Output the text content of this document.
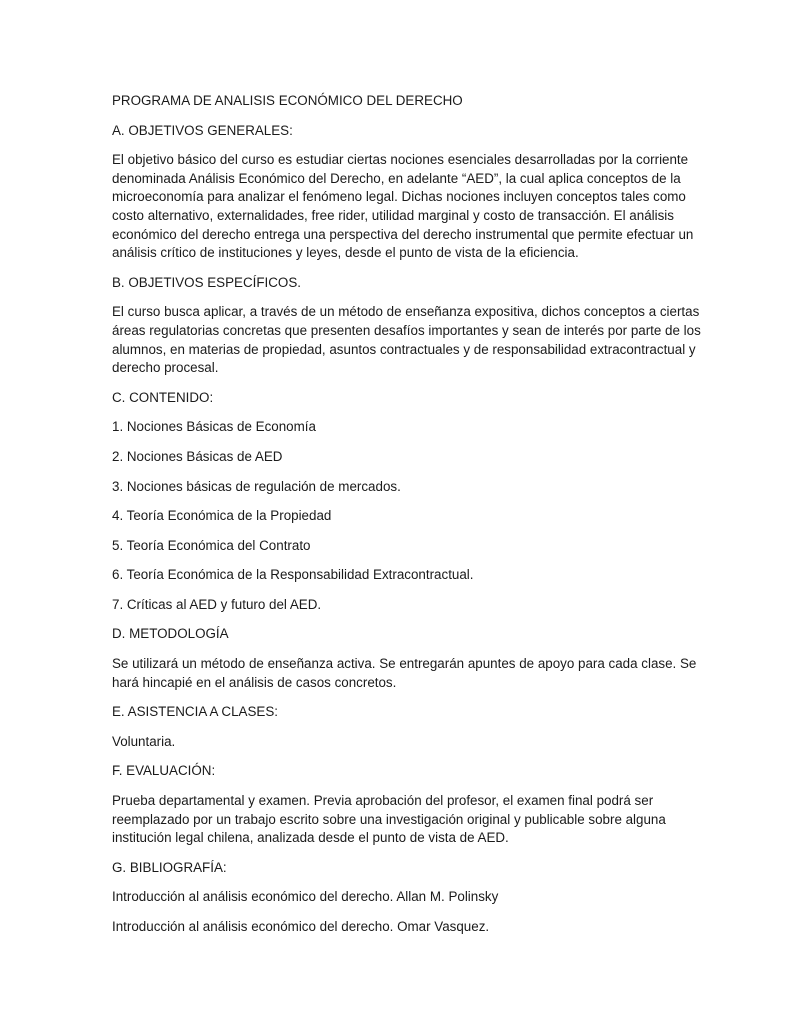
PROGRAMA DE ANALISIS ECONÓMICO DEL DERECHO

A. OBJETIVOS GENERALES:

El objetivo básico del curso es estudiar ciertas nociones esenciales desarrolladas por la corriente denominada Análisis Económico del Derecho, en adelante “AED”, la cual aplica conceptos de la microeconomía para analizar el fenómeno legal. Dichas nociones incluyen conceptos tales como costo alternativo, externalidades, free rider, utilidad marginal y costo de transacción. El análisis económico del derecho entrega una perspectiva del derecho instrumental que permite efectuar un análisis crítico de instituciones y leyes, desde el punto de vista de la eficiencia.

B. OBJETIVOS ESPECÍFICOS.

El curso busca aplicar, a través de un método de enseñanza expositiva, dichos conceptos a ciertas áreas regulatorias concretas que presenten desafíos importantes y sean de interés por parte de los alumnos, en materias de propiedad, asuntos contractuales y de responsabilidad extracontractual y derecho procesal.

C. CONTENIDO:

1. Nociones Básicas de Economía

2. Nociones Básicas de AED

3. Nociones básicas de regulación de mercados.

4. Teoría Económica de la Propiedad

5. Teoría Económica del Contrato

6. Teoría Económica de la Responsabilidad Extracontractual.

7. Críticas al AED y futuro del AED.

D. METODOLOGÍA

Se utilizará un método de enseñanza activa. Se entregarán apuntes de apoyo para cada clase. Se hará hincapié en el análisis de casos concretos.

E. ASISTENCIA A CLASES:

Voluntaria.

F. EVALUACIÓN:

Prueba departamental y examen. Previa aprobación del profesor, el examen final podrá ser reemplazado por un trabajo escrito sobre una investigación original y publicable sobre alguna institución legal chilena, analizada desde el punto de vista de AED.

G. BIBLIOGRAFÍA:

Introducción al análisis económico del derecho. Allan M. Polinsky

Introducción al análisis económico del derecho. Omar Vasquez.
